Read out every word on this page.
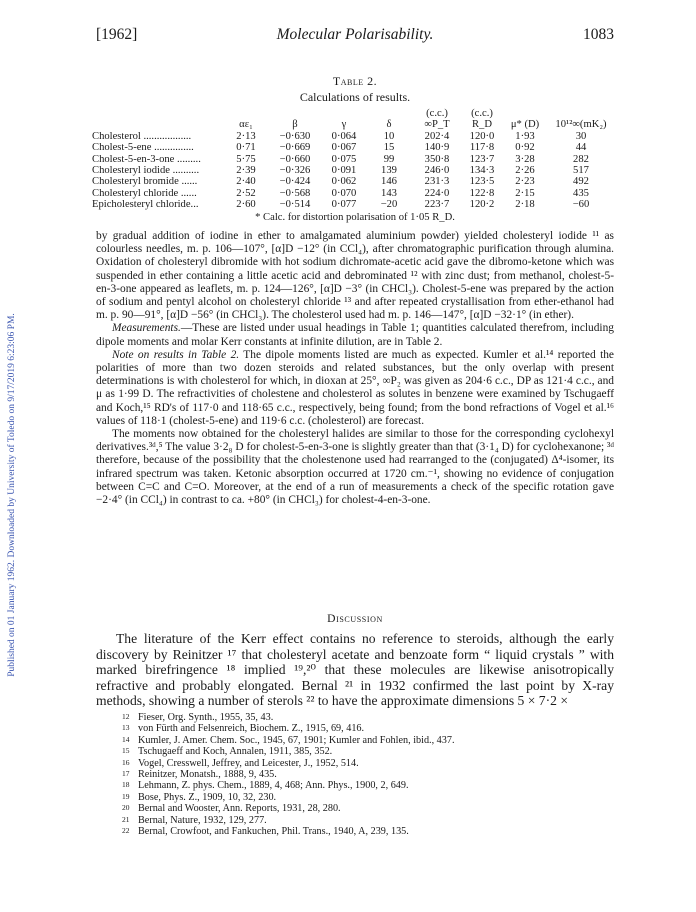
Published on 01 January 1962. Downloaded by University of Toledo on 9/17/2019 6:23:06 PM.
[1962]	Molecular Polarisability.	1083
Table 2.
Calculations of results.
					(c.c.)	(c.c.)		
	αε₁	β	γ	δ	∞P_T	R_D	μ* (D)	10¹²∞(mK₂)
Cholesterol ..................	2·13	−0·630	0·064	10	202·4	120·0	1·93	30
Cholest-5-ene ...............	0·71	−0·669	0·067	15	140·9	117·8	0·92	44
Cholest-5-en-3-one .........	5·75	−0·660	0·075	99	350·8	123·7	3·28	282
Cholesteryl iodide ..........	2·39	−0·326	0·091	139	246·0	134·3	2·26	517
Cholesteryl bromide ......	2·40	−0·424	0·062	146	231·3	123·5	2·23	492
Cholesteryl chloride ......	2·52	−0·568	0·070	143	224·0	122·8	2·15	435
Epicholesteryl chloride...	2·60	−0·514	0·077	−20	223·7	120·2	2·18	−60
* Calc. for distortion polarisation of 1·05 R_D.

by gradual addition of iodine in ether to amalgamated aluminium powder) yielded cholesteryl iodide ¹¹ as colourless needles, m. p. 106—107°, [α]D −12° (in CCl₄), after chromatographic purification through alumina. Oxidation of cholesteryl dibromide with hot sodium dichromate-acetic acid gave the dibromo-ketone which was suspended in ether containing a little acetic acid and debrominated ¹² with zinc dust; from methanol, cholest-5-en-3-one appeared as leaflets, m. p. 124—126°, [α]D −3° (in CHCl₃). Cholest-5-ene was prepared by the action of sodium and pentyl alcohol on cholesteryl chloride ¹³ and after repeated crystallisation from ether-ethanol had m. p. 90—91°, [α]D −56° (in CHCl₃). The cholesterol used had m. p. 146—147°, [α]D −32·1° (in ether).

Measurements.—These are listed under usual headings in Table 1; quantities calculated therefrom, including dipole moments and molar Kerr constants at infinite dilution, are in Table 2.

Note on results in Table 2. The dipole moments listed are much as expected. Kumler et al.¹⁴ reported the polarities of more than two dozen steroids and related substances, but the only overlap with present determinations is with cholesterol for which, in dioxan at 25°, ∞P₂ was given as 204·6 c.c., DP as 121·4 c.c., and μ as 1·99 D. The refractivities of cholestene and cholesterol as solutes in benzene were examined by Tschugaeff and Koch,¹⁵ RD's of 117·0 and 118·65 c.c., respectively, being found; from the bond refractions of Vogel et al.¹⁶ values of 118·1 (cholest-5-ene) and 119·6 c.c. (cholesterol) are forecast.

The moments now obtained for the cholesteryl halides are similar to those for the corresponding cyclohexyl derivatives.³ᵈ,⁵ The value 3·2₈ D for cholest-5-en-3-one is slightly greater than that (3·1₄ D) for cyclohexanone; ³ᵈ therefore, because of the possibility that the cholestenone used had rearranged to the (conjugated) Δ⁴-isomer, its infrared spectrum was taken. Ketonic absorption occurred at 1720 cm.⁻¹, showing no evidence of conjugation between C=C and C=O. Moreover, at the end of a run of measurements a check of the specific rotation gave −2·4° (in CCl₄) in contrast to ca. +80° (in CHCl₃) for cholest-4-en-3-one.

Discussion

The literature of the Kerr effect contains no reference to steroids, although the early discovery by Reinitzer ¹⁷ that cholesteryl acetate and benzoate form “ liquid crystals ” with marked birefringence ¹⁸ implied ¹⁹,²⁰ that these molecules are likewise anisotropically refractive and probably elongated. Bernal ²¹ in 1932 confirmed the last point by X-ray methods, showing a number of sterols ²² to have the approximate dimensions 5 × 7·2 ×

12 Fieser, Org. Synth., 1955, 35, 43.
13 von Fürth and Felsenreich, Biochem. Z., 1915, 69, 416.
14 Kumler, J. Amer. Chem. Soc., 1945, 67, 1901; Kumler and Fohlen, ibid., 437.
15 Tschugaeff and Koch, Annalen, 1911, 385, 352.
16 Vogel, Cresswell, Jeffrey, and Leicester, J., 1952, 514.
17 Reinitzer, Monatsh., 1888, 9, 435.
18 Lehmann, Z. phys. Chem., 1889, 4, 468; Ann. Phys., 1900, 2, 649.
19 Bose, Phys. Z., 1909, 10, 32, 230.
20 Bernal and Wooster, Ann. Reports, 1931, 28, 280.
21 Bernal, Nature, 1932, 129, 277.
22 Bernal, Crowfoot, and Fankuchen, Phil. Trans., 1940, A, 239, 135.
